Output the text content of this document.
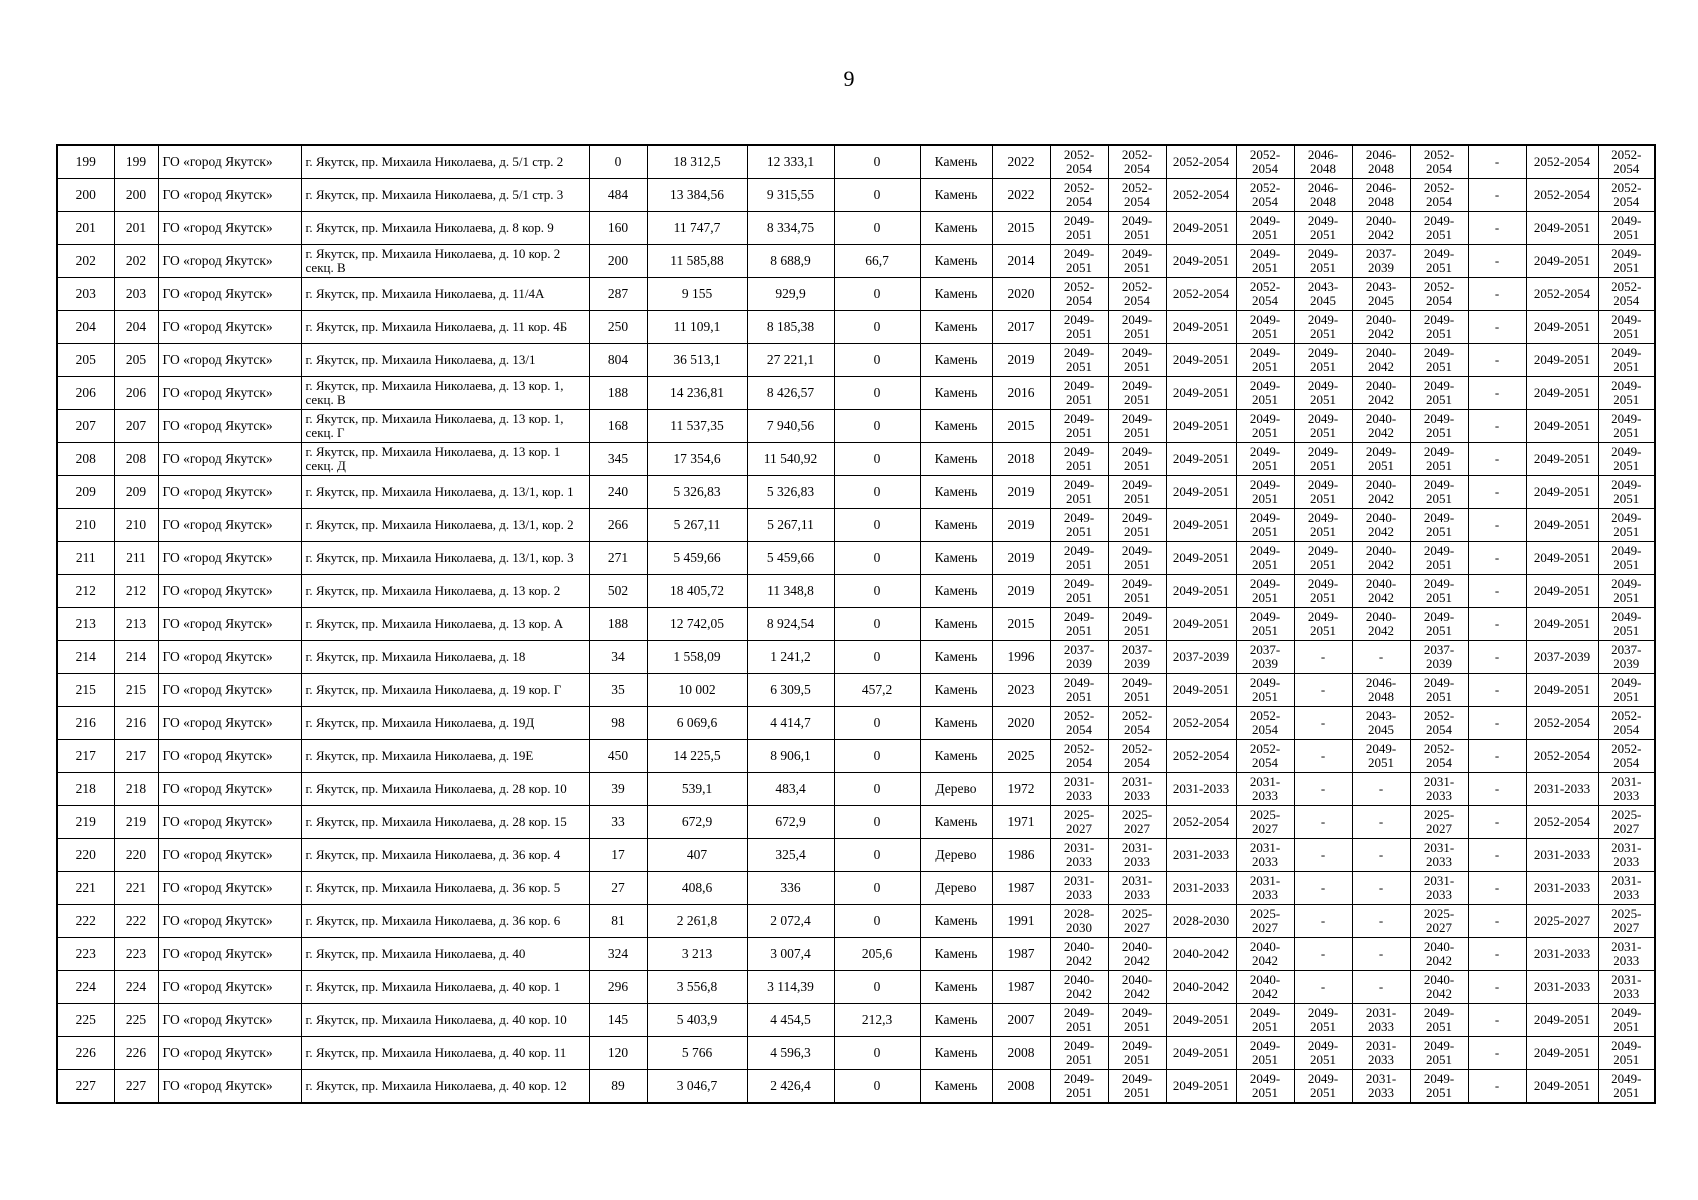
9
199	199	ГО «город Якутск»	г. Якутск, пр. Михаила Николаева, д. 5/1 стр. 2	0	18 312,5	12 333,1	0	Камень	2022	2052-2054	2052-2054	2052-2054	2052-2054	2046-2048	2046-2048	2052-2054	-	2052-2054	2052-2054
200	200	ГО «город Якутск»	г. Якутск, пр. Михаила Николаева, д. 5/1 стр. 3	484	13 384,56	9 315,55	0	Камень	2022	2052-2054	2052-2054	2052-2054	2052-2054	2046-2048	2046-2048	2052-2054	-	2052-2054	2052-2054
201	201	ГО «город Якутск»	г. Якутск, пр. Михаила Николаева, д. 8 кор. 9	160	11 747,7	8 334,75	0	Камень	2015	2049-2051	2049-2051	2049-2051	2049-2051	2049-2051	2040-2042	2049-2051	-	2049-2051	2049-2051
202	202	ГО «город Якутск»	г. Якутск, пр. Михаила Николаева, д. 10 кор. 2 секц. В	200	11 585,88	8 688,9	66,7	Камень	2014	2049-2051	2049-2051	2049-2051	2049-2051	2049-2051	2037-2039	2049-2051	-	2049-2051	2049-2051
203	203	ГО «город Якутск»	г. Якутск, пр. Михаила Николаева, д. 11/4А	287	9 155	929,9	0	Камень	2020	2052-2054	2052-2054	2052-2054	2052-2054	2043-2045	2043-2045	2052-2054	-	2052-2054	2052-2054
204	204	ГО «город Якутск»	г. Якутск, пр. Михаила Николаева, д. 11 кор. 4Б	250	11 109,1	8 185,38	0	Камень	2017	2049-2051	2049-2051	2049-2051	2049-2051	2049-2051	2040-2042	2049-2051	-	2049-2051	2049-2051
205	205	ГО «город Якутск»	г. Якутск, пр. Михаила Николаева, д. 13/1	804	36 513,1	27 221,1	0	Камень	2019	2049-2051	2049-2051	2049-2051	2049-2051	2049-2051	2040-2042	2049-2051	-	2049-2051	2049-2051
206	206	ГО «город Якутск»	г. Якутск, пр. Михаила Николаева, д. 13 кор. 1, секц. В	188	14 236,81	8 426,57	0	Камень	2016	2049-2051	2049-2051	2049-2051	2049-2051	2049-2051	2040-2042	2049-2051	-	2049-2051	2049-2051
207	207	ГО «город Якутск»	г. Якутск, пр. Михаила Николаева, д. 13 кор. 1, секц. Г	168	11 537,35	7 940,56	0	Камень	2015	2049-2051	2049-2051	2049-2051	2049-2051	2049-2051	2040-2042	2049-2051	-	2049-2051	2049-2051
208	208	ГО «город Якутск»	г. Якутск, пр. Михаила Николаева, д. 13 кор. 1 секц. Д	345	17 354,6	11 540,92	0	Камень	2018	2049-2051	2049-2051	2049-2051	2049-2051	2049-2051	2049-2051	2049-2051	-	2049-2051	2049-2051
209	209	ГО «город Якутск»	г. Якутск, пр. Михаила Николаева, д. 13/1, кор. 1	240	5 326,83	5 326,83	0	Камень	2019	2049-2051	2049-2051	2049-2051	2049-2051	2049-2051	2040-2042	2049-2051	-	2049-2051	2049-2051
210	210	ГО «город Якутск»	г. Якутск, пр. Михаила Николаева, д. 13/1, кор. 2	266	5 267,11	5 267,11	0	Камень	2019	2049-2051	2049-2051	2049-2051	2049-2051	2049-2051	2040-2042	2049-2051	-	2049-2051	2049-2051
211	211	ГО «город Якутск»	г. Якутск, пр. Михаила Николаева, д. 13/1, кор. 3	271	5 459,66	5 459,66	0	Камень	2019	2049-2051	2049-2051	2049-2051	2049-2051	2049-2051	2040-2042	2049-2051	-	2049-2051	2049-2051
212	212	ГО «город Якутск»	г. Якутск, пр. Михаила Николаева, д. 13 кор. 2	502	18 405,72	11 348,8	0	Камень	2019	2049-2051	2049-2051	2049-2051	2049-2051	2049-2051	2040-2042	2049-2051	-	2049-2051	2049-2051
213	213	ГО «город Якутск»	г. Якутск, пр. Михаила Николаева, д. 13 кор. А	188	12 742,05	8 924,54	0	Камень	2015	2049-2051	2049-2051	2049-2051	2049-2051	2049-2051	2040-2042	2049-2051	-	2049-2051	2049-2051
214	214	ГО «город Якутск»	г. Якутск, пр. Михаила Николаева, д. 18	34	1 558,09	1 241,2	0	Камень	1996	2037-2039	2037-2039	2037-2039	2037-2039	-	-	2037-2039	-	2037-2039	2037-2039
215	215	ГО «город Якутск»	г. Якутск, пр. Михаила Николаева, д. 19 кор. Г	35	10 002	6 309,5	457,2	Камень	2023	2049-2051	2049-2051	2049-2051	2049-2051	-	2046-2048	2049-2051	-	2049-2051	2049-2051
216	216	ГО «город Якутск»	г. Якутск, пр. Михаила Николаева, д. 19Д	98	6 069,6	4 414,7	0	Камень	2020	2052-2054	2052-2054	2052-2054	2052-2054	-	2043-2045	2052-2054	-	2052-2054	2052-2054
217	217	ГО «город Якутск»	г. Якутск, пр. Михаила Николаева, д. 19Е	450	14 225,5	8 906,1	0	Камень	2025	2052-2054	2052-2054	2052-2054	2052-2054	-	2049-2051	2052-2054	-	2052-2054	2052-2054
218	218	ГО «город Якутск»	г. Якутск, пр. Михаила Николаева, д. 28 кор. 10	39	539,1	483,4	0	Дерево	1972	2031-2033	2031-2033	2031-2033	2031-2033	-	-	2031-2033	-	2031-2033	2031-2033
219	219	ГО «город Якутск»	г. Якутск, пр. Михаила Николаева, д. 28 кор. 15	33	672,9	672,9	0	Камень	1971	2025-2027	2025-2027	2052-2054	2025-2027	-	-	2025-2027	-	2052-2054	2025-2027
220	220	ГО «город Якутск»	г. Якутск, пр. Михаила Николаева, д. 36 кор. 4	17	407	325,4	0	Дерево	1986	2031-2033	2031-2033	2031-2033	2031-2033	-	-	2031-2033	-	2031-2033	2031-2033
221	221	ГО «город Якутск»	г. Якутск, пр. Михаила Николаева, д. 36 кор. 5	27	408,6	336	0	Дерево	1987	2031-2033	2031-2033	2031-2033	2031-2033	-	-	2031-2033	-	2031-2033	2031-2033
222	222	ГО «город Якутск»	г. Якутск, пр. Михаила Николаева, д. 36 кор. 6	81	2 261,8	2 072,4	0	Камень	1991	2028-2030	2025-2027	2028-2030	2025-2027	-	-	2025-2027	-	2025-2027	2025-2027
223	223	ГО «город Якутск»	г. Якутск, пр. Михаила Николаева, д. 40	324	3 213	3 007,4	205,6	Камень	1987	2040-2042	2040-2042	2040-2042	2040-2042	-	-	2040-2042	-	2031-2033	2031-2033
224	224	ГО «город Якутск»	г. Якутск, пр. Михаила Николаева, д. 40 кор. 1	296	3 556,8	3 114,39	0	Камень	1987	2040-2042	2040-2042	2040-2042	2040-2042	-	-	2040-2042	-	2031-2033	2031-2033
225	225	ГО «город Якутск»	г. Якутск, пр. Михаила Николаева, д. 40 кор. 10	145	5 403,9	4 454,5	212,3	Камень	2007	2049-2051	2049-2051	2049-2051	2049-2051	2049-2051	2031-2033	2049-2051	-	2049-2051	2049-2051
226	226	ГО «город Якутск»	г. Якутск, пр. Михаила Николаева, д. 40 кор. 11	120	5 766	4 596,3	0	Камень	2008	2049-2051	2049-2051	2049-2051	2049-2051	2049-2051	2031-2033	2049-2051	-	2049-2051	2049-2051
227	227	ГО «город Якутск»	г. Якутск, пр. Михаила Николаева, д. 40 кор. 12	89	3 046,7	2 426,4	0	Камень	2008	2049-2051	2049-2051	2049-2051	2049-2051	2049-2051	2031-2033	2049-2051	-	2049-2051	2049-2051
